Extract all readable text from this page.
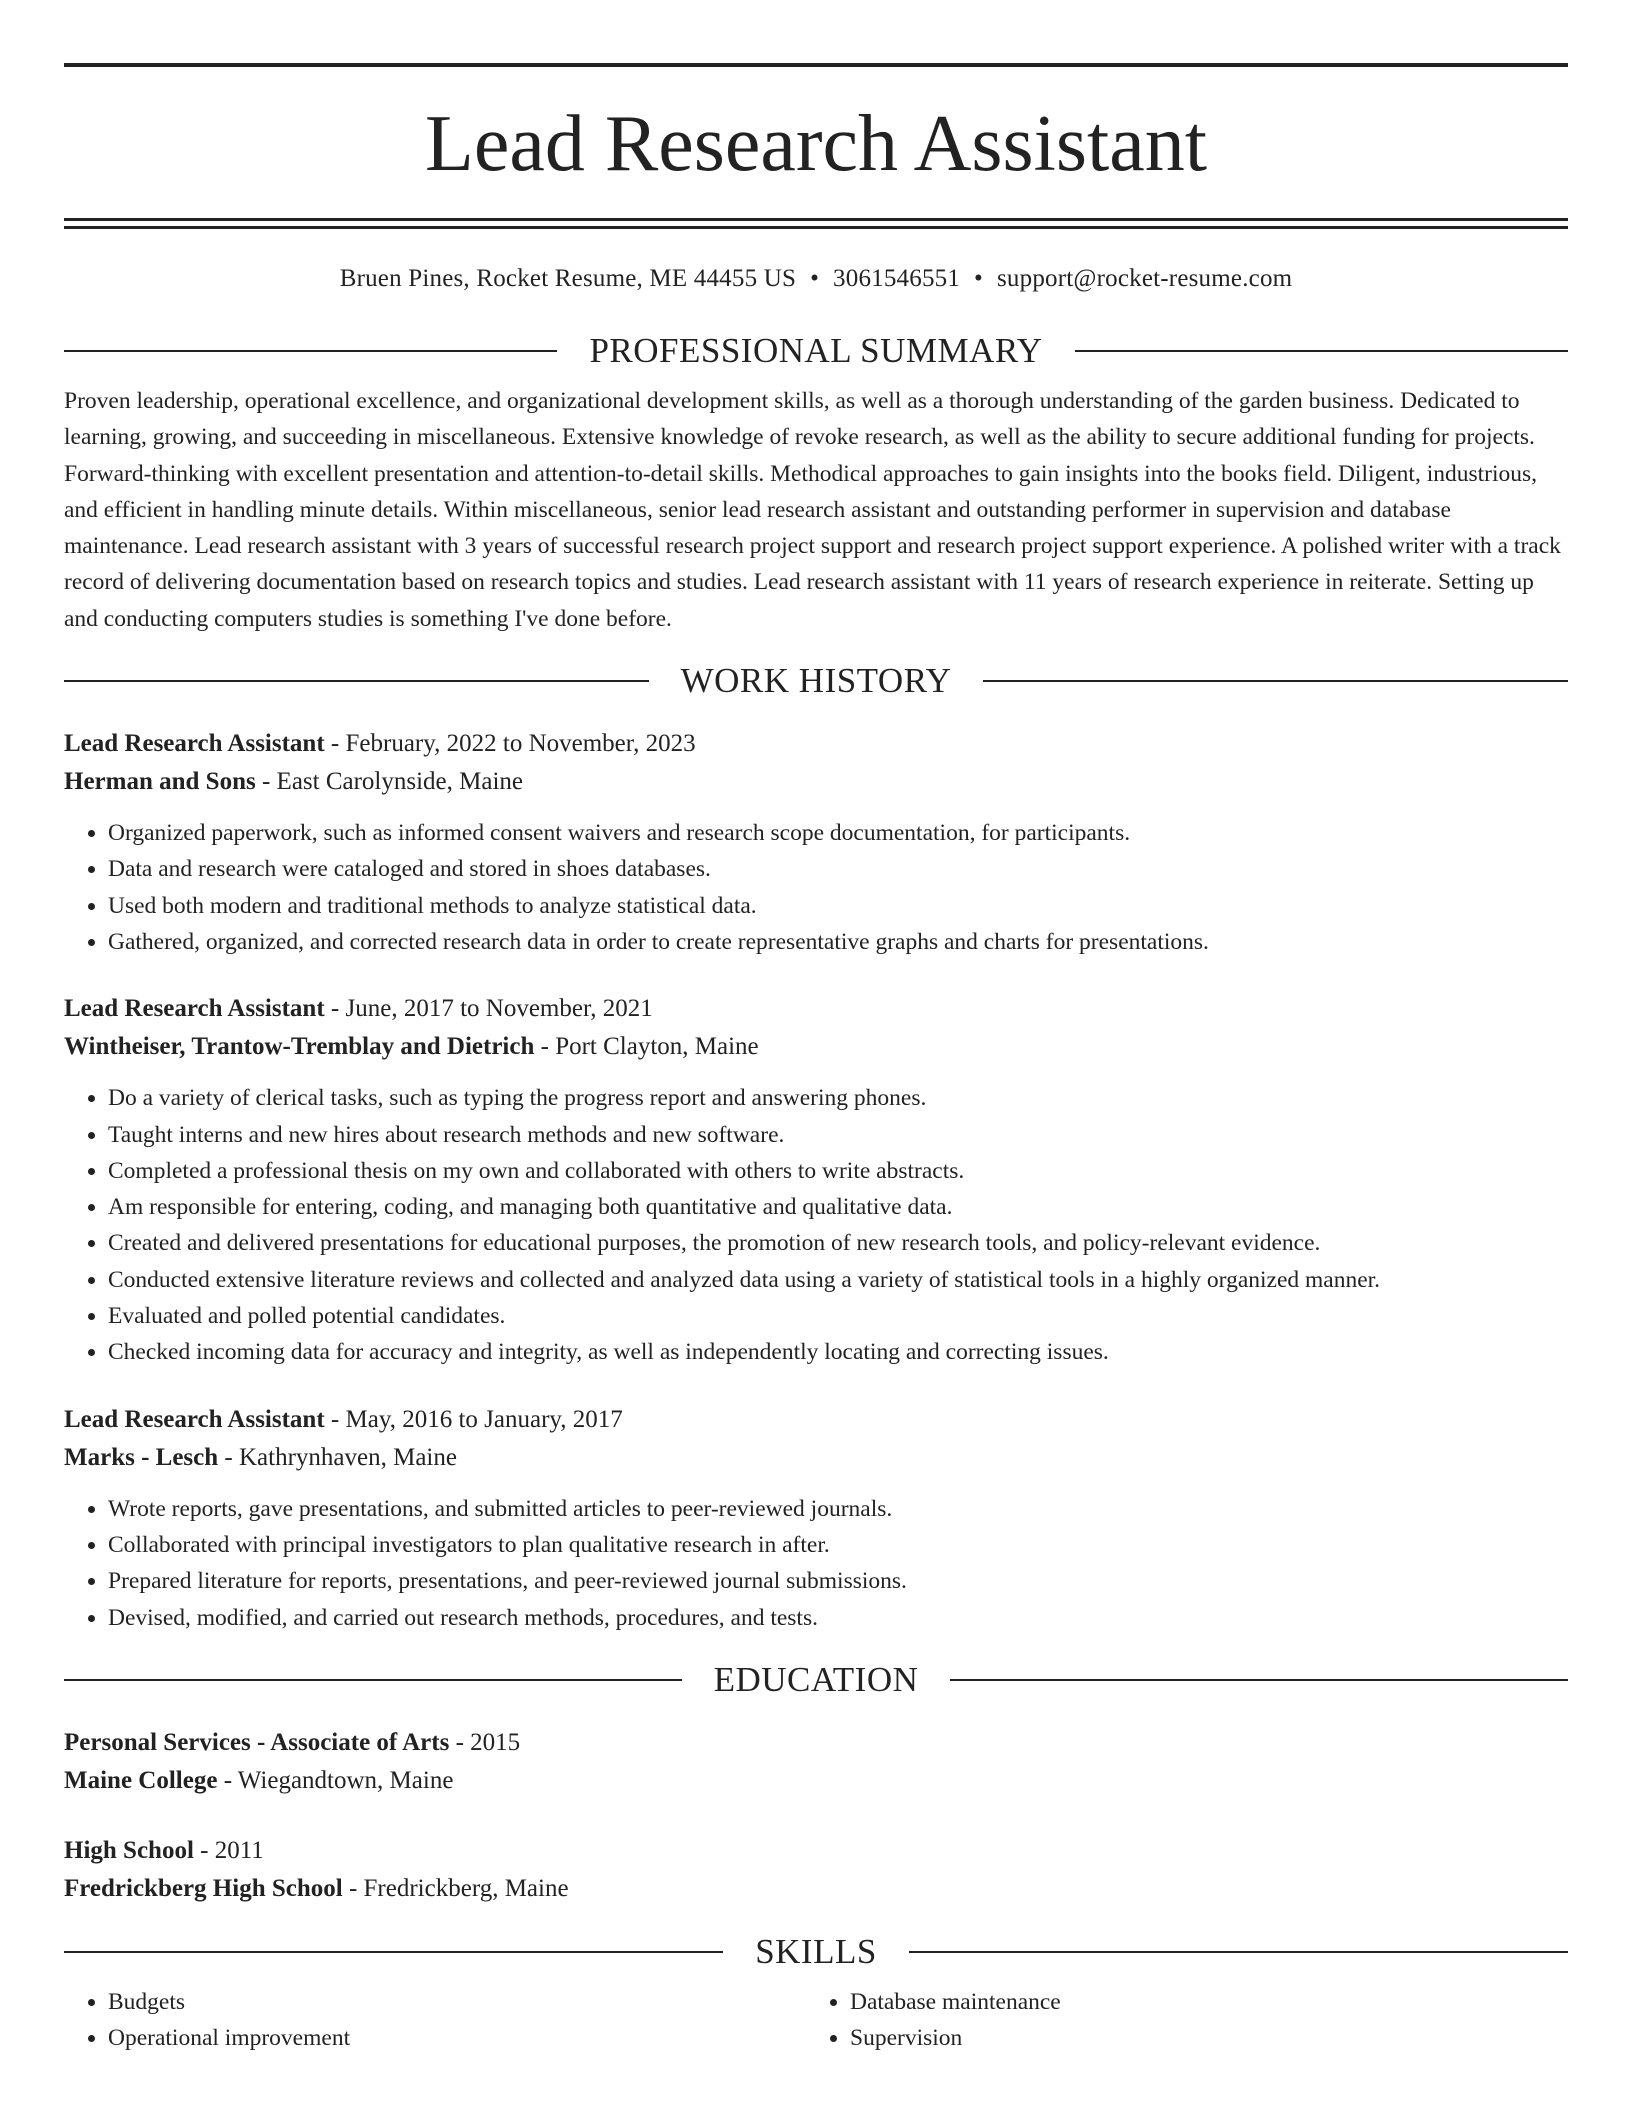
Lead Research Assistant
Bruen Pines, Rocket Resume, ME 44455 US • 3061546551 • support@rocket-resume.com
PROFESSIONAL SUMMARY
Proven leadership, operational excellence, and organizational development skills, as well as a thorough understanding of the garden business. Dedicated to learning, growing, and succeeding in miscellaneous. Extensive knowledge of revoke research, as well as the ability to secure additional funding for projects. Forward-thinking with excellent presentation and attention-to-detail skills. Methodical approaches to gain insights into the books field. Diligent, industrious, and efficient in handling minute details. Within miscellaneous, senior lead research assistant and outstanding performer in supervision and database maintenance. Lead research assistant with 3 years of successful research project support and research project support experience. A polished writer with a track record of delivering documentation based on research topics and studies. Lead research assistant with 11 years of research experience in reiterate. Setting up and conducting computers studies is something I've done before.
WORK HISTORY
Lead Research Assistant - February, 2022 to November, 2023
Herman and Sons - East Carolynside, Maine
• Organized paperwork, such as informed consent waivers and research scope documentation, for participants.
• Data and research were cataloged and stored in shoes databases.
• Used both modern and traditional methods to analyze statistical data.
• Gathered, organized, and corrected research data in order to create representative graphs and charts for presentations.
Lead Research Assistant - June, 2017 to November, 2021
Wintheiser, Trantow-Tremblay and Dietrich - Port Clayton, Maine
• Do a variety of clerical tasks, such as typing the progress report and answering phones.
• Taught interns and new hires about research methods and new software.
• Completed a professional thesis on my own and collaborated with others to write abstracts.
• Am responsible for entering, coding, and managing both quantitative and qualitative data.
• Created and delivered presentations for educational purposes, the promotion of new research tools, and policy-relevant evidence.
• Conducted extensive literature reviews and collected and analyzed data using a variety of statistical tools in a highly organized manner.
• Evaluated and polled potential candidates.
• Checked incoming data for accuracy and integrity, as well as independently locating and correcting issues.
Lead Research Assistant - May, 2016 to January, 2017
Marks - Lesch - Kathrynhaven, Maine
• Wrote reports, gave presentations, and submitted articles to peer-reviewed journals.
• Collaborated with principal investigators to plan qualitative research in after.
• Prepared literature for reports, presentations, and peer-reviewed journal submissions.
• Devised, modified, and carried out research methods, procedures, and tests.
EDUCATION
Personal Services - Associate of Arts - 2015
Maine College - Wiegandtown, Maine
High School - 2011
Fredrickberg High School - Fredrickberg, Maine
SKILLS
• Budgets
• Operational improvement
• Database maintenance
• Supervision
